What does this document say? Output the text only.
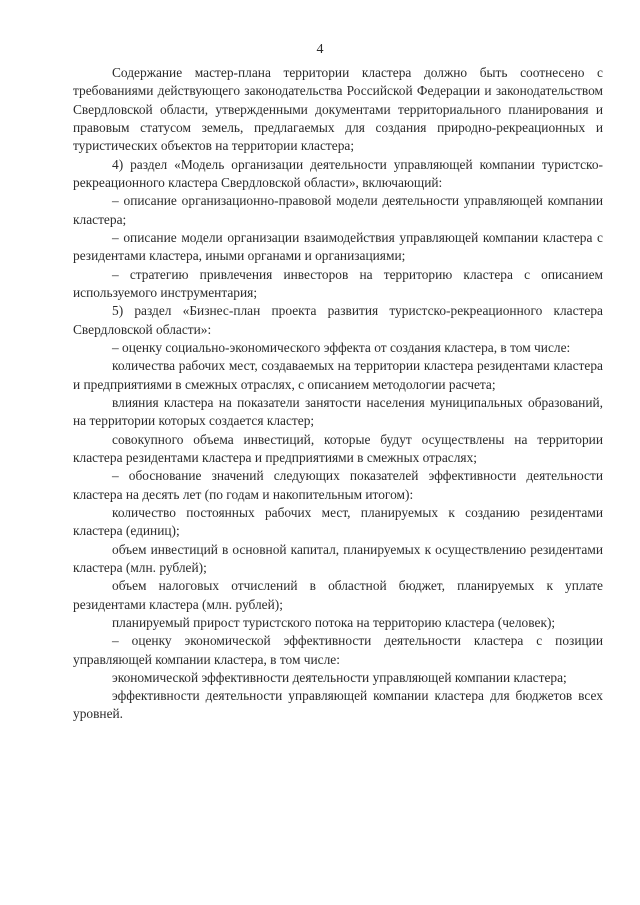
4

Содержание мастер-плана территории кластера должно быть соотнесено с требованиями действующего законодательства Российской Федерации и законодательством Свердловской области, утвержденными документами территориального планирования и правовым статусом земель, предлагаемых для создания природно-рекреационных и туристических объектов на территории кластера;

4) раздел «Модель организации деятельности управляющей компании туристско-рекреационного кластера Свердловской области», включающий:

– описание организационно-правовой модели деятельности управляющей компании кластера;

– описание модели организации взаимодействия управляющей компании кластера с резидентами кластера, иными органами и организациями;

– стратегию привлечения инвесторов на территорию кластера с описанием используемого инструментария;

5) раздел «Бизнес-план проекта развития туристско-рекреационного кластера Свердловской области»:

– оценку социально-экономического эффекта от создания кластера, в том числе:

количества рабочих мест, создаваемых на территории кластера резидентами кластера и предприятиями в смежных отраслях, с описанием методологии расчета;

влияния кластера на показатели занятости населения муниципальных образований, на территории которых создается кластер;

совокупного объема инвестиций, которые будут осуществлены на территории кластера резидентами кластера и предприятиями в смежных отраслях;

– обоснование значений следующих показателей эффективности деятельности кластера на десять лет (по годам и накопительным итогом):

количество постоянных рабочих мест, планируемых к созданию резидентами кластера (единиц);

объем инвестиций в основной капитал, планируемых к осуществлению резидентами кластера (млн. рублей);

объем налоговых отчислений в областной бюджет, планируемых к уплате резидентами кластера (млн. рублей);

планируемый прирост туристского потока на территорию кластера (человек);

– оценку экономической эффективности деятельности кластера с позиции управляющей компании кластера, в том числе:

экономической эффективности деятельности управляющей компании кластера;

эффективности деятельности управляющей компании кластера для бюджетов всех уровней.
